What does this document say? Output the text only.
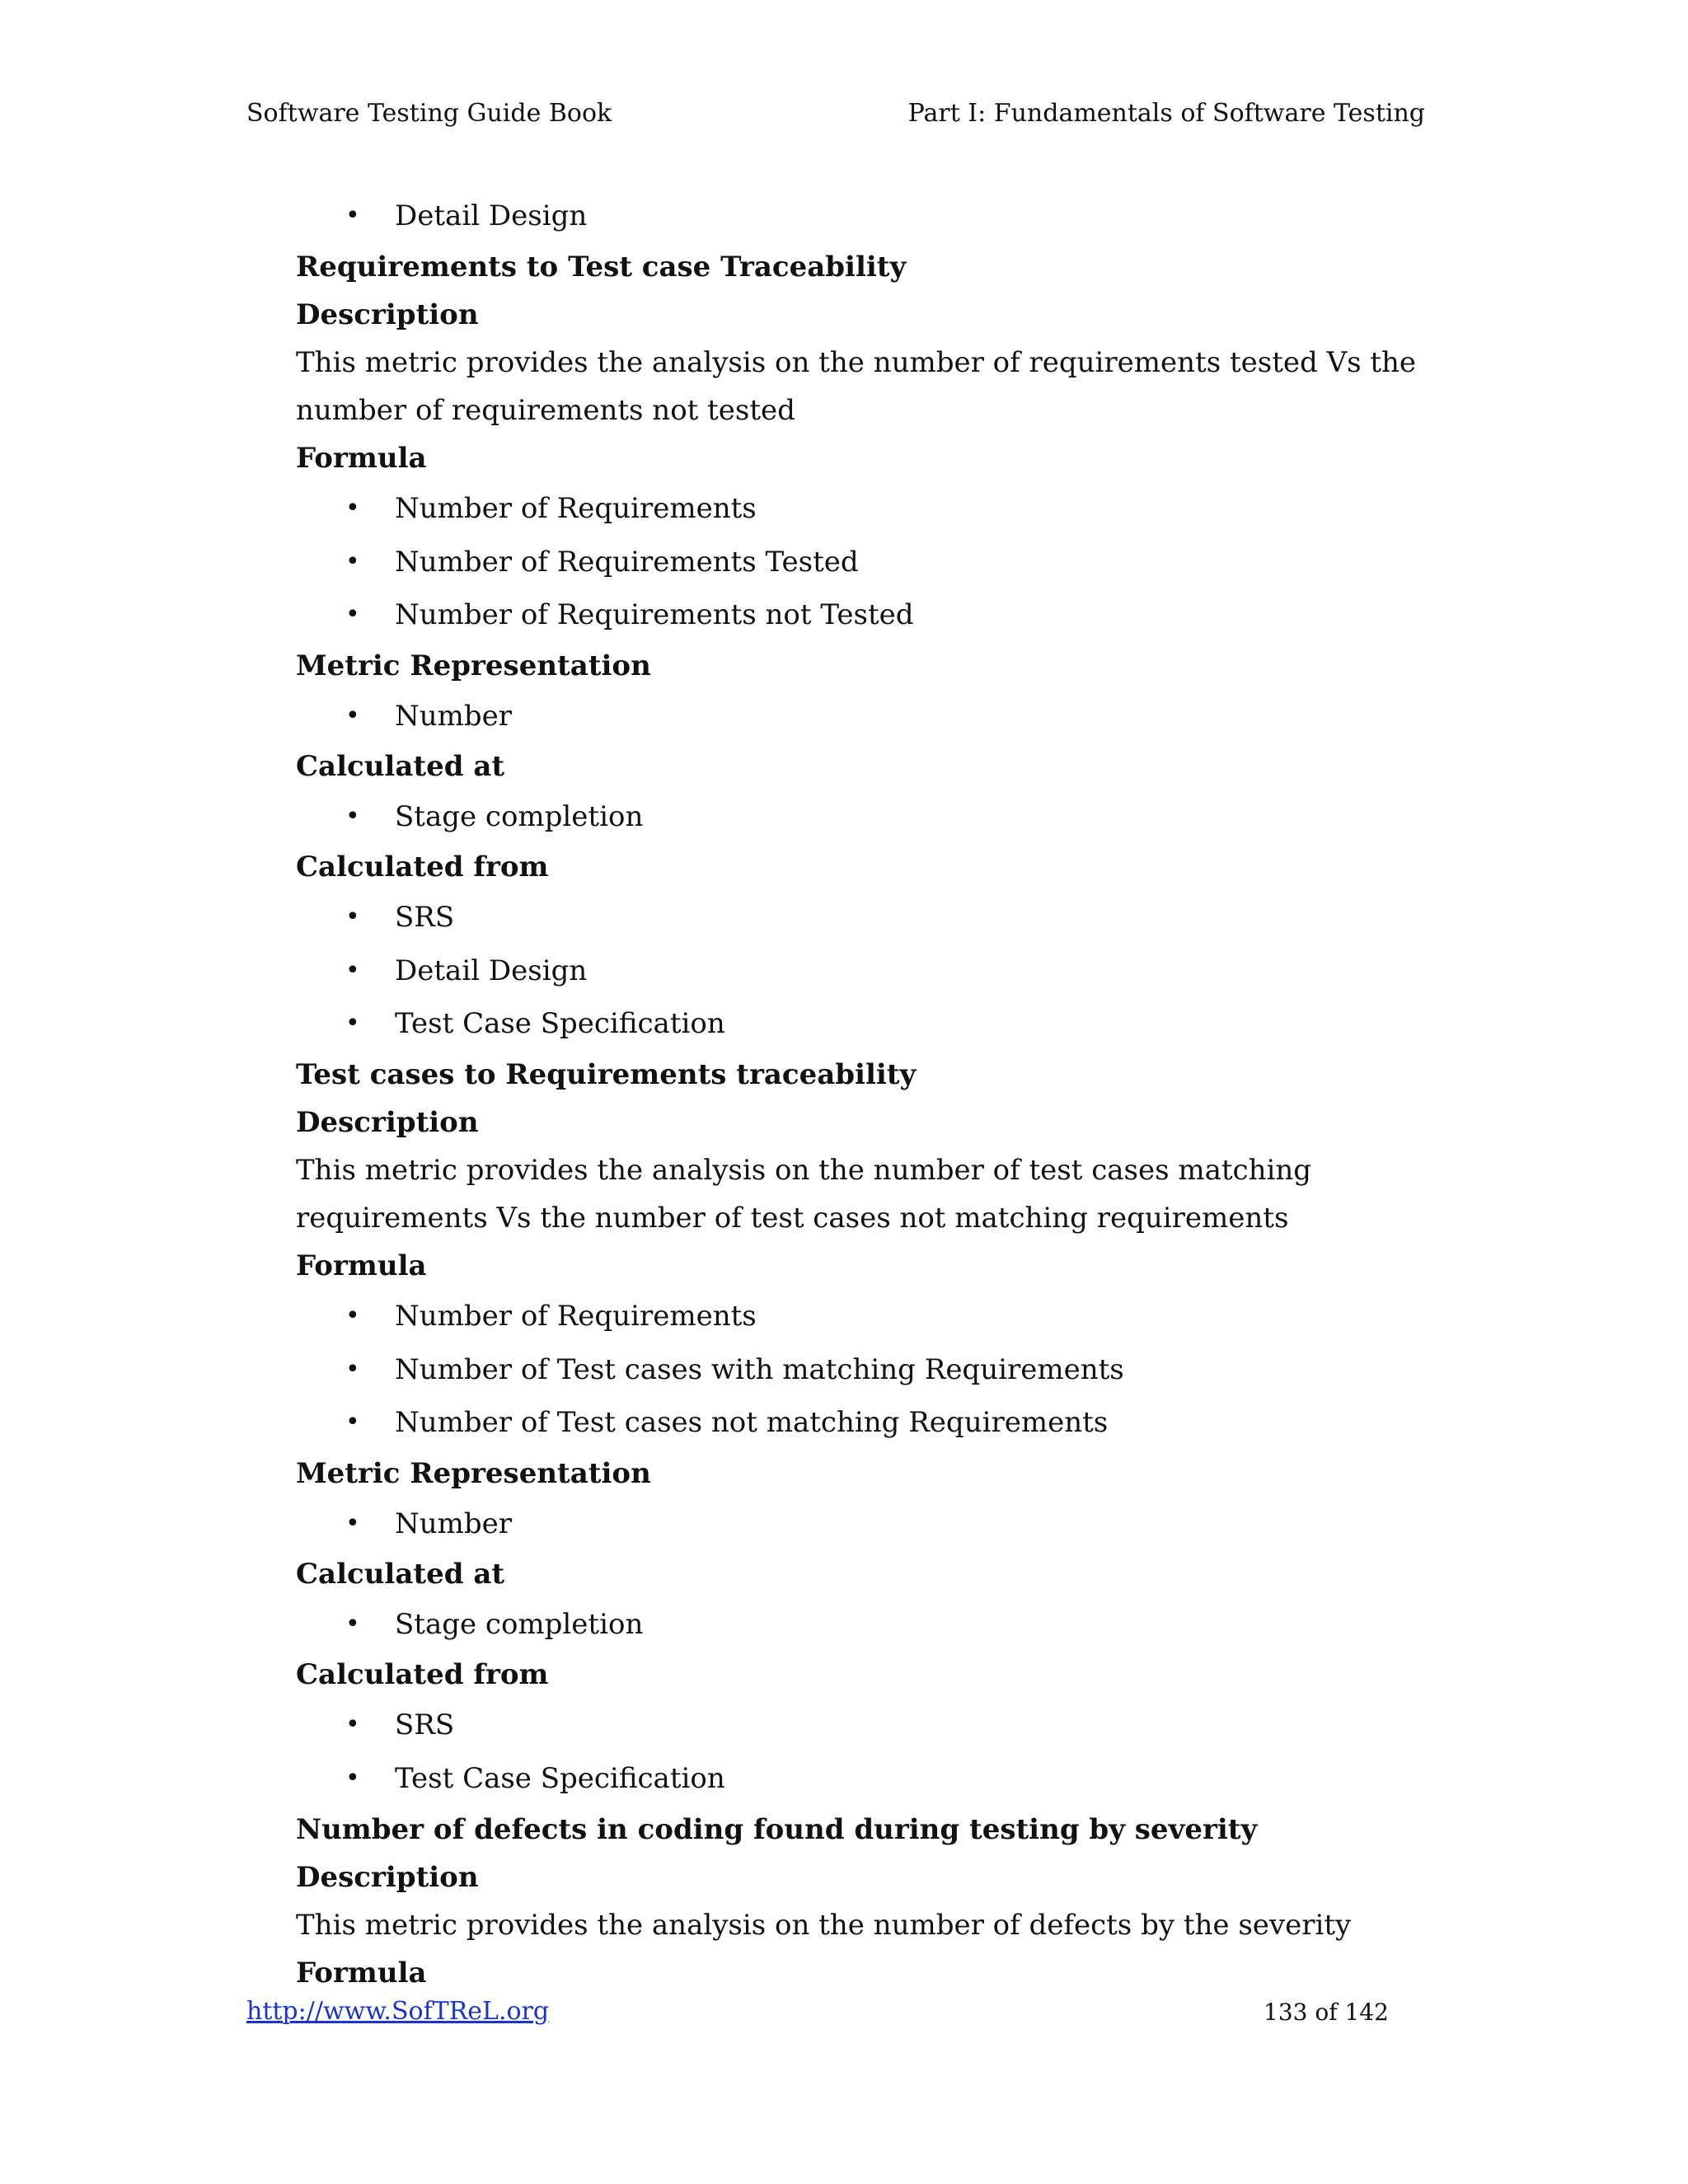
Software Testing Guide Book	Part I: Fundamentals of Software Testing
• Detail Design
Requirements to Test case Traceability
Description
This metric provides the analysis on the number of requirements tested Vs the
number of requirements not tested
Formula
• Number of Requirements
• Number of Requirements Tested
• Number of Requirements not Tested
Metric Representation
• Number
Calculated at
• Stage completion
Calculated from
• SRS
• Detail Design
• Test Case Specification
Test cases to Requirements traceability
Description
This metric provides the analysis on the number of test cases matching
requirements Vs the number of test cases not matching requirements
Formula
• Number of Requirements
• Number of Test cases with matching Requirements
• Number of Test cases not matching Requirements
Metric Representation
• Number
Calculated at
• Stage completion
Calculated from
• SRS
• Test Case Specification
Number of defects in coding found during testing by severity
Description
This metric provides the analysis on the number of defects by the severity
Formula
http://www.SofTReL.org	133 of 142
